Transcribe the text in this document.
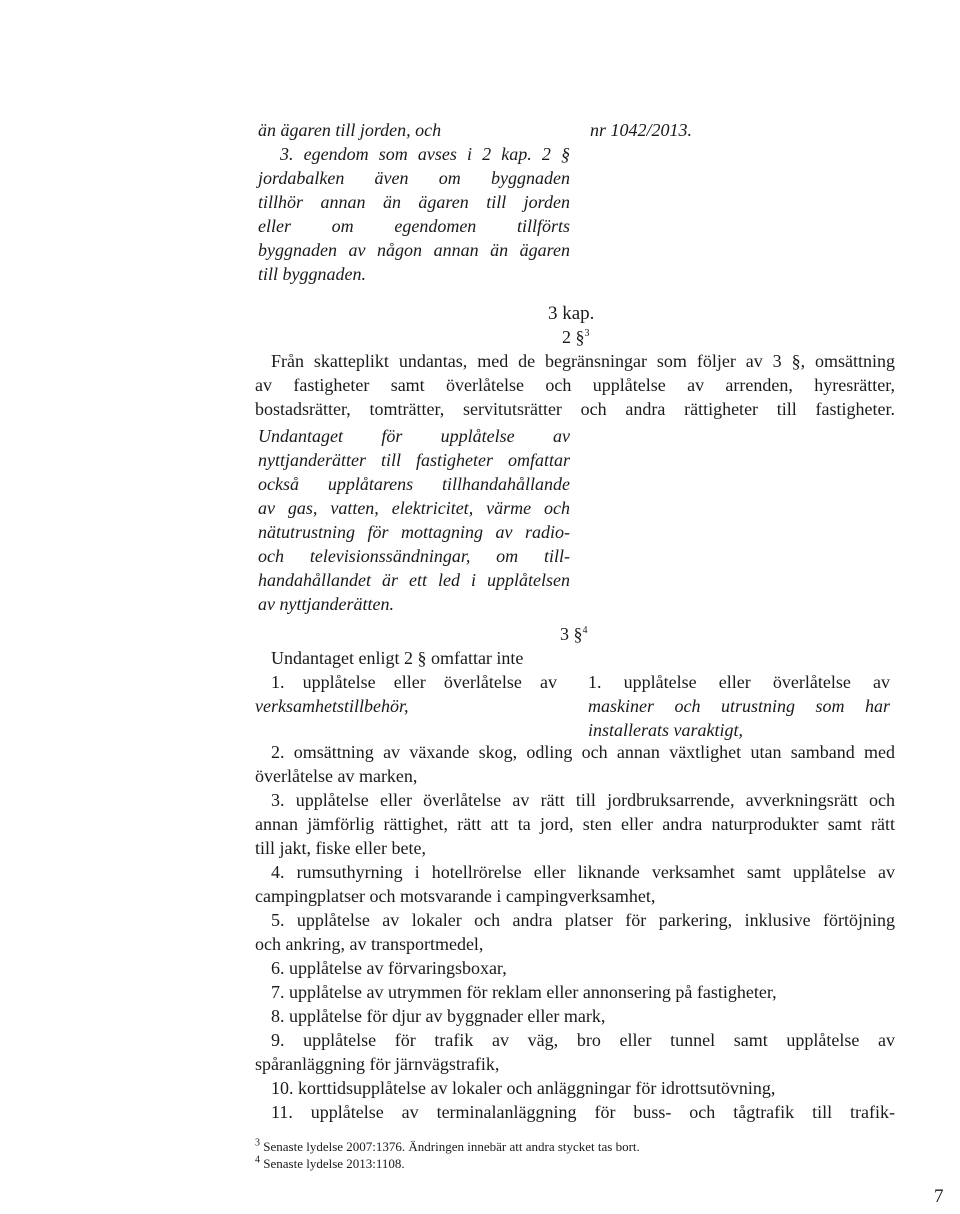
än ägaren till jorden, och
3. egendom som avses i 2 kap. 2 §
jordabalken även om byggnaden
tillhör annan än ägaren till jorden
eller om egendomen tillförts
byggnaden av någon annan än ägaren
till byggnaden.
nr 1042/2013.
3 kap.
2 §$^3$
Från skatteplikt undantas, med de begränsningar som följer av 3 §, omsättning
av fastigheter samt överlåtelse och upplåtelse av arrenden, hyresrätter,
bostadsrätter, tomträtter, servitutsrätter och andra rättigheter till fastigheter.
Undantaget för upplåtelse av
nyttjanderätter till fastigheter omfattar
också upplåtarens tillhandahållande
av gas, vatten, elektricitet, värme och
nätutrustning för mottagning av radio-
och televisionssändningar, om till-
handahållandet är ett led i upplåtelsen
av nyttjanderätten.
3 §$^4$
Undantaget enligt 2 § omfattar inte
1. upplåtelse eller överlåtelse av
verksamhetstillbehör,
1. upplåtelse eller överlåtelse av
maskiner och utrustning som har
installerats varaktigt,
2. omsättning av växande skog, odling och annan växtlighet utan samband med
överlåtelse av marken,
3. upplåtelse eller överlåtelse av rätt till jordbruksarrende, avverkningsrätt och
annan jämförlig rättighet, rätt att ta jord, sten eller andra naturprodukter samt rätt
till jakt, fiske eller bete,
4. rumsuthyrning i hotellrörelse eller liknande verksamhet samt upplåtelse av
campingplatser och motsvarande i campingverksamhet,
5. upplåtelse av lokaler och andra platser för parkering, inklusive förtöjning
och ankring, av transportmedel,
6. upplåtelse av förvaringsboxar,
7. upplåtelse av utrymmen för reklam eller annonsering på fastigheter,
8. upplåtelse för djur av byggnader eller mark,
9. upplåtelse för trafik av väg, bro eller tunnel samt upplåtelse av
spåranläggning för järnvägstrafik,
10. korttidsupplåtelse av lokaler och anläggningar för idrottsutövning,
11. upplåtelse av terminalanläggning för buss- och tågtrafik till trafik-
$^3$ Senaste lydelse 2007:1376. Ändringen innebär att andra stycket tas bort.
$^4$ Senaste lydelse 2013:1108.
7
